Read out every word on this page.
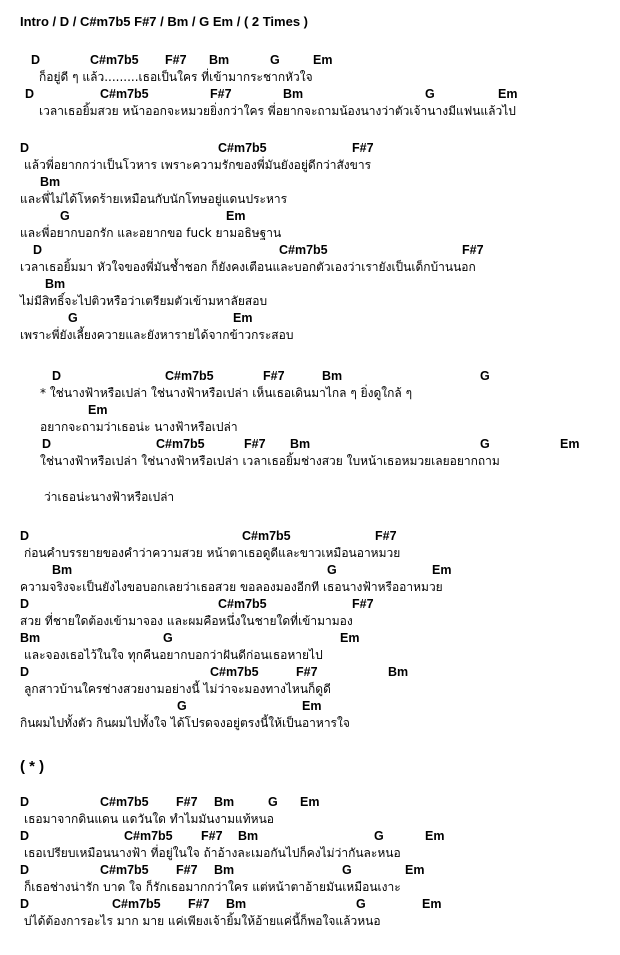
Intro / D / C#m7b5 F#7 / Bm / G Em / ( 2 Times )
D	C#m7b5 F#7 Bm	G	Em
ก็อยู่ดี ๆ แล้ว.........เธอเป็นใคร ที่เข้ามากระชากหัวใจ
D	C#m7b5	F#7	Bm	G	Em
เวลาเธอยิ้มสวย หน้าออกจะหมวยยิ่งกว่าใคร พี่อยากจะถามน้องนางว่าตัวเจ้านางมีแฟนแล้วไป
D	C#m7b5	F#7
แล้วพี่อยากกว่าเป็นโวหาร เพราะความรักของพี่มันยังอยู่ดีกว่าสังขาร
Bm
และพี่ไม่ได้โหดร้ายเหมือนกับนักโทษอยู่แดนประหาร
G	Em
และพี่อยากบอกรัก และอยากขอ fuck ยามอธิษฐาน
D	C#m7b5	F#7
เวลาเธอยิ้มมา หัวใจของพี่มันช้ำชอก ก็ยังคงเตือนและบอกตัวเองว่าเรายังเป็นเด็กบ้านนอก
Bm
ไม่มีสิทธิ์จะไปติวหรือว่าเตรียมตัวเข้ามหาลัยสอบ
G	Em
เพราะพี่ยังเลี้ยงควายและยังหารายได้จากข้าวกระสอบ
D	C#m7b5	F#7	Bm	G
* ใช่นางฟ้าหรือเปล่า ใช่นางฟ้าหรือเปล่า เห็นเธอเดินมาไกล ๆ ยิ่งดูใกล้ ๆ
Em
อยากจะถามว่าเธอน่ะ นางฟ้าหรือเปล่า
D	C#m7b5	F#7 Bm	G	Em
ใช่นางฟ้าหรือเปล่า ใช่นางฟ้าหรือเปล่า เวลาเธอยิ้มช่างสวย ใบหน้าเธอหมวยเลยอยากถาม
ว่าเธอน่ะนางฟ้าหรือเปล่า
D	C#m7b5	F#7
ก่อนคำบรรยายของคำว่าความสวย หน้าตาเธอดูดีและขาวเหมือนอาหมวย
Bm	G	Em
ความจริงจะเป็นยังไงขอบอกเลยว่าเธอสวย ขอลองมองอีกที เธอนางฟ้าหรืออาหมวย
D	C#m7b5	F#7
สวย ที่ชายใดต้องเข้ามาจอง และผมคือหนึ่งในชายใดที่เข้ามามอง
Bm	G	Em
และจองเธอไว้ในใจ ทุกคืนอยากบอกว่าฝันดีก่อนเธอหายไป
D	C#m7b5	F#7	Bm
ลูกสาวบ้านใครช่างสวยงามอย่างนี้ ไม่ว่าจะมองทางไหนก็ดูดี
G	Em
กินผมไปทั้งตัว กินผมไปทั้งใจ ได้โปรดจงอยู่ตรงนี้ให้เป็นอาหารใจ
( * )
D	C#m7b5 F#7 Bm	G Em
เธอมาจากดินแดน แดวันใด ทำไมมันงามแท้หนอ
D	C#m7b5 F#7 Bm	G	Em
เธอเปรียบเหมือนนางฟ้า ที่อยู่ในใจ ถ้าอ้างละเมอกันไปก็คงไม่ว่ากันละหนอ
D	C#m7b5 F#7 Bm	G	Em
ก็เธอช่างน่ารัก บาด ใจ ก็รักเธอมากกว่าใคร แต่หน้าตาอ้ายมันเหมือนเงาะ
D	C#m7b5 F#7 Bm	G	Em
บ่ได้ต้องการอะไร มาก มาย แค่เพียงเจ้ายิ้มให้อ้ายแค่นี้ก็พอใจแล้วหนอ
